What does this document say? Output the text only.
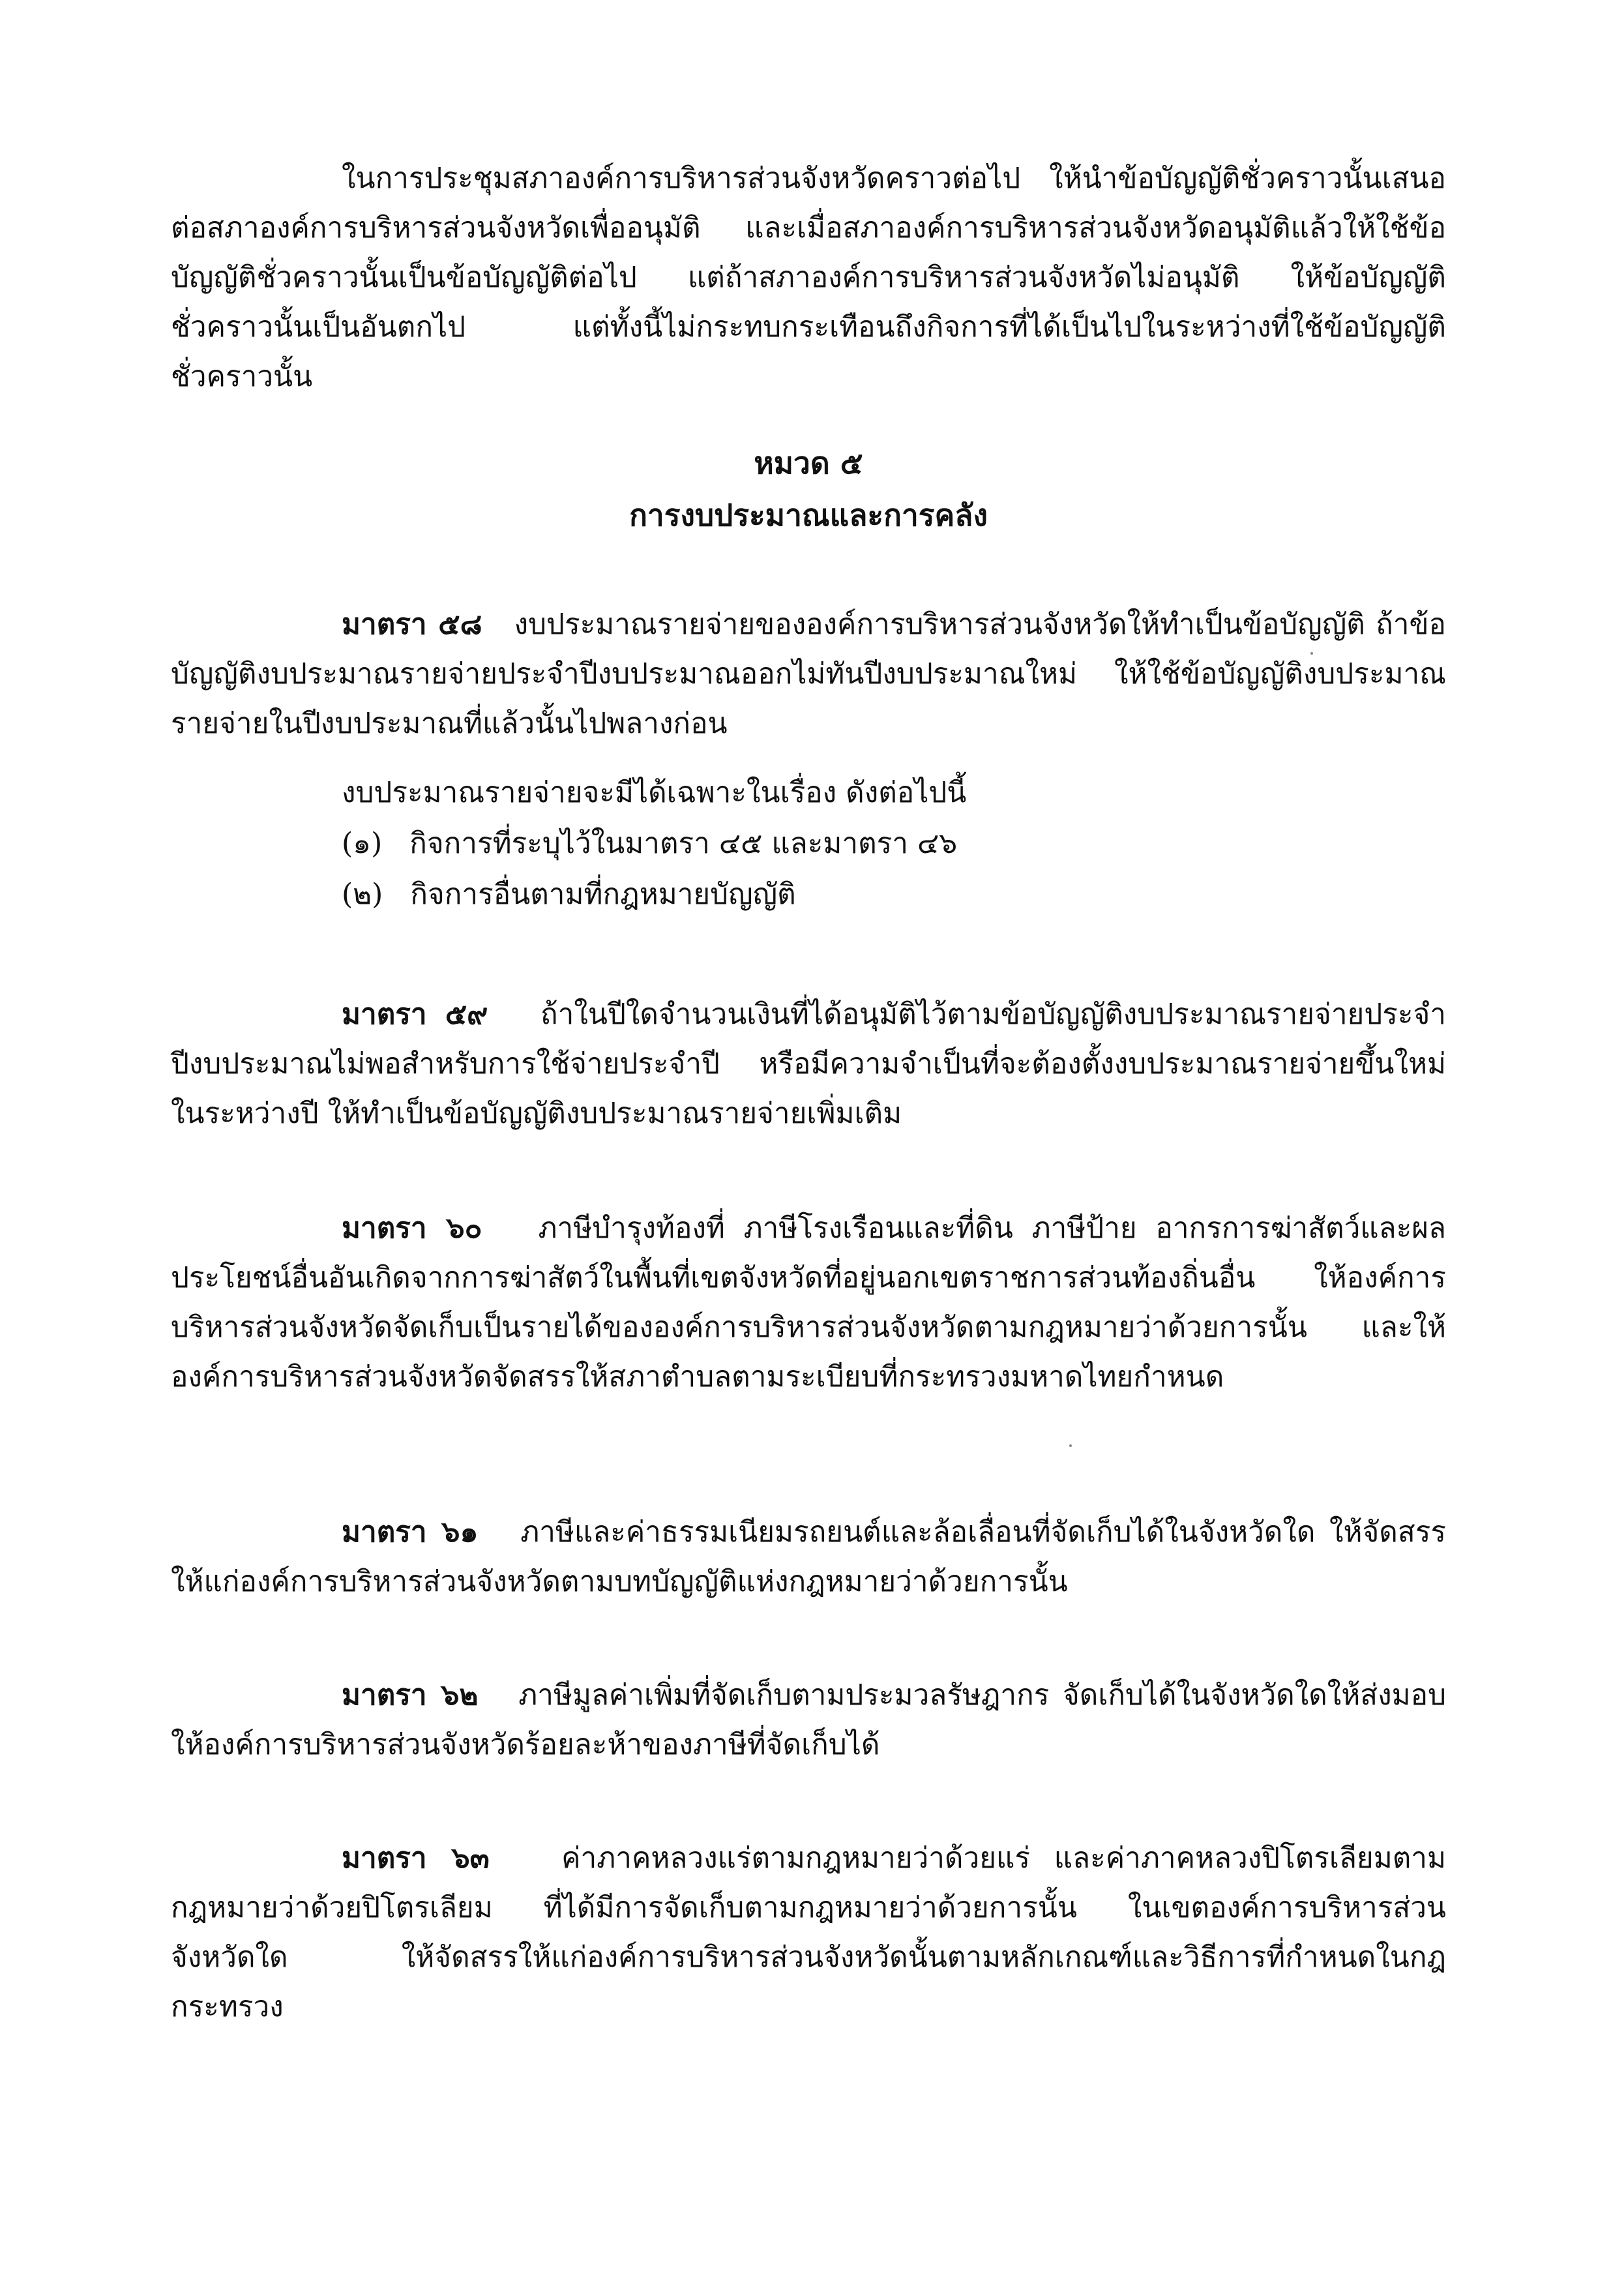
ในการประชุมสภาองค์การบริหารส่วนจังหวัดคราวต่อไป ให้นำข้อบัญญัติชั่วคราวนั้นเสนอต่อสภาองค์การบริหารส่วนจังหวัดเพื่ออนุมัติ และเมื่อสภาองค์การบริหารส่วนจังหวัดอนุมัติแล้วให้ใช้ข้อบัญญัติชั่วคราวนั้นเป็นข้อบัญญัติต่อไป แต่ถ้าสภาองค์การบริหารส่วนจังหวัดไม่อนุมัติ ให้ข้อบัญญัติชั่วคราวนั้นเป็นอันตกไป แต่ทั้งนี้ไม่กระทบกระเทือนถึงกิจการที่ได้เป็นไปในระหว่างที่ใช้ข้อบัญญัติชั่วคราวนั้น

หมวด ๕
การงบประมาณและการคลัง

มาตรา ๕๘ งบประมาณรายจ่ายขององค์การบริหารส่วนจังหวัดให้ทำเป็นข้อบัญญัติ ถ้าข้อบัญญัติงบประมาณรายจ่ายประจำปีงบประมาณออกไม่ทันปีงบประมาณใหม่ ให้ใช้ข้อบัญญัติงบประมาณรายจ่ายในปีงบประมาณที่แล้วนั้นไปพลางก่อน

งบประมาณรายจ่ายจะมีได้เฉพาะในเรื่อง ดังต่อไปนี้
(๑) กิจการที่ระบุไว้ในมาตรา ๔๕ และมาตรา ๔๖
(๒) กิจการอื่นตามที่กฎหมายบัญญัติ

มาตรา ๕๙ ถ้าในปีใดจำนวนเงินที่ได้อนุมัติไว้ตามข้อบัญญัติงบประมาณรายจ่ายประจำปีงบประมาณไม่พอสำหรับการใช้จ่ายประจำปี หรือมีความจำเป็นที่จะต้องตั้งงบประมาณรายจ่ายขึ้นใหม่ในระหว่างปี ให้ทำเป็นข้อบัญญัติงบประมาณรายจ่ายเพิ่มเติม

มาตรา ๖๐ ภาษีบำรุงท้องที่ ภาษีโรงเรือนและที่ดิน ภาษีป้าย อากรการฆ่าสัตว์และผลประโยชน์อื่นอันเกิดจากการฆ่าสัตว์ในพื้นที่เขตจังหวัดที่อยู่นอกเขตราชการส่วนท้องถิ่นอื่น ให้องค์การบริหารส่วนจังหวัดจัดเก็บเป็นรายได้ขององค์การบริหารส่วนจังหวัดตามกฎหมายว่าด้วยการนั้น และให้องค์การบริหารส่วนจังหวัดจัดสรรให้สภาตำบลตามระเบียบที่กระทรวงมหาดไทยกำหนด

มาตรา ๖๑ ภาษีและค่าธรรมเนียมรถยนต์และล้อเลื่อนที่จัดเก็บได้ในจังหวัดใด ให้จัดสรรให้แก่องค์การบริหารส่วนจังหวัดตามบทบัญญัติแห่งกฎหมายว่าด้วยการนั้น

มาตรา ๖๒ ภาษีมูลค่าเพิ่มที่จัดเก็บตามประมวลรัษฎากร จัดเก็บได้ในจังหวัดใดให้ส่งมอบให้องค์การบริหารส่วนจังหวัดร้อยละห้าของภาษีที่จัดเก็บได้

มาตรา ๖๓	ค่าภาคหลวงแร่ตามกฎหมายว่าด้วยแร่ และค่าภาคหลวงปิโตรเลียมตามกฎหมายว่าด้วยปิโตรเลียม ที่ได้มีการจัดเก็บตามกฎหมายว่าด้วยการนั้น ในเขตองค์การบริหารส่วนจังหวัดใด ให้จัดสรรให้แก่องค์การบริหารส่วนจังหวัดนั้นตามหลักเกณฑ์และวิธีการที่กำหนดในกฎกระทรวง
